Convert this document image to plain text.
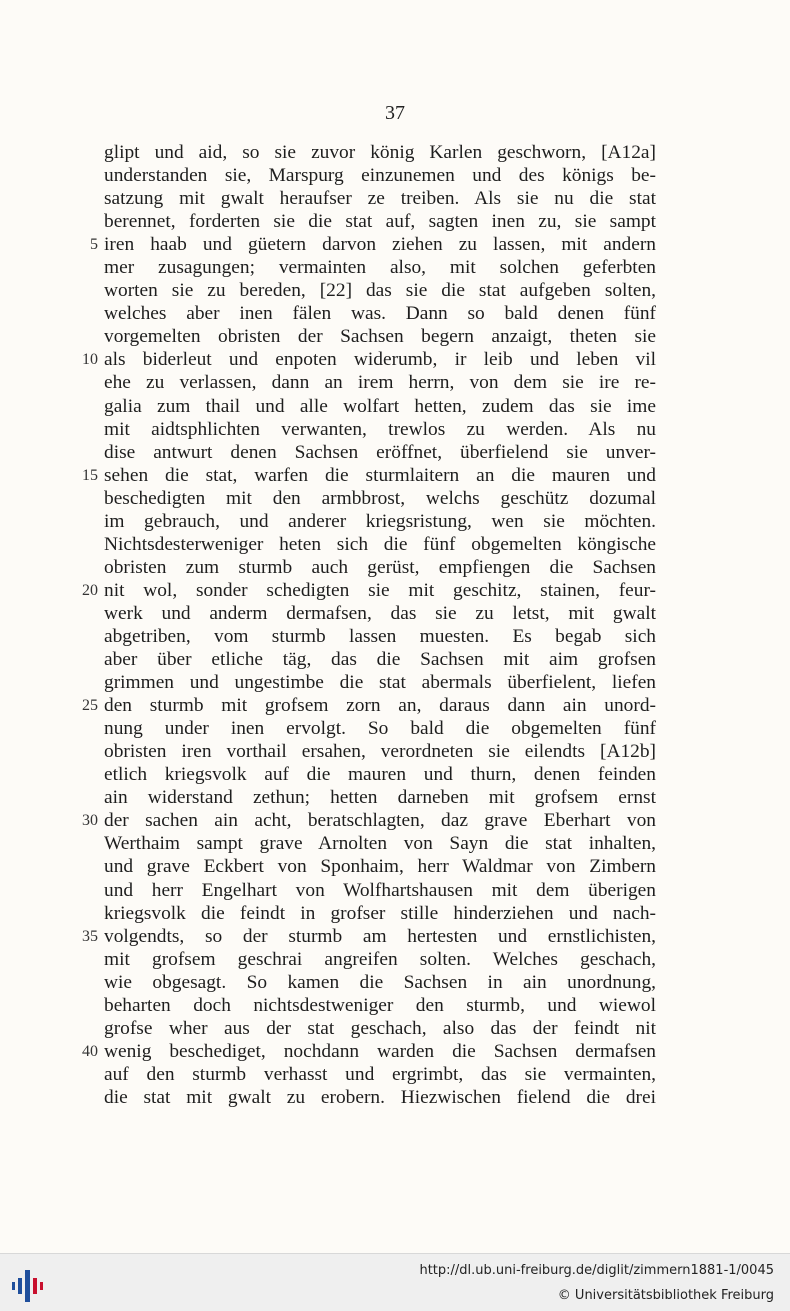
37
glipt und aid, so sie zuvor könig Karlen geschworn, [A12a]
understanden sie, Marspurg einzunemen und des königs be-
satzung mit gwalt heraufser ze treiben. Als sie nu die stat
berennet, forderten sie die stat auf, sagten inen zu, sie sampt
iren haab und güetern darvon ziehen zu lassen, mit andern
5
mer zusagungen; vermainten also, mit solchen geferbten
worten sie zu bereden, [22] das sie die stat aufgeben solten,
welches aber inen fälen was. Dann so bald denen fünf
vorgemelten obristen der Sachsen begern anzaigt, theten sie
als biderleut und enpoten widerumb, ir leib und leben vil
10
ehe zu verlassen, dann an irem herrn, von dem sie ire re-
galia zum thail und alle wolfart hetten, zudem das sie ime
mit aidtsphlichten verwanten, trewlos zu werden. Als nu
dise antwurt denen Sachsen eröffnet, überfielend sie unver-
sehen die stat, warfen die sturmlaitern an die mauren und
15
beschedigten mit den armbbrost, welchs geschütz dozumal
im gebrauch, und anderer kriegsristung, wen sie möchten.
Nichtsdesterweniger heten sich die fünf obgemelten köngische
obristen zum sturmb auch gerüst, empfiengen die Sachsen
nit wol, sonder schedigten sie mit geschitz, stainen, feur-
20
werk und anderm dermafsen, das sie zu letst, mit gwalt
abgetriben, vom sturmb lassen muesten. Es begab sich
aber über etliche täg, das die Sachsen mit aim grofsen
grimmen und ungestimbe die stat abermals überfielent, liefen
den sturmb mit grofsem zorn an, daraus dann ain unord-
25
nung under inen ervolgt. So bald die obgemelten fünf
obristen iren vorthail ersahen, verordneten sie eilendts [A12b]
etlich kriegsvolk auf die mauren und thurn, denen feinden
ain widerstand zethun; hetten darneben mit grofsem ernst
der sachen ain acht, beratschlagten, daz grave Eberhart von
30
Werthaim sampt grave Arnolten von Sayn die stat inhalten,
und grave Eckbert von Sponhaim, herr Waldmar von Zimbern
und herr Engelhart von Wolfhartshausen mit dem überigen
kriegsvolk die feindt in grofser stille hinderziehen und nach-
volgendts, so der sturmb am hertesten und ernstlichisten,
35
mit grofsem geschrai angreifen solten. Welches geschach,
wie obgesagt. So kamen die Sachsen in ain unordnung,
beharten doch nichtsdestweniger den sturmb, und wiewol
grofse wher aus der stat geschach, also das der feindt nit
wenig beschediget, nochdann warden die Sachsen dermafsen
40
auf den sturmb verhasst und ergrimbt, das sie vermainten,
die stat mit gwalt zu erobern. Hiezwischen fielend die drei
http://dl.ub.uni-freiburg.de/diglit/zimmern1881-1/0045
© Universitätsbibliothek Freiburg
